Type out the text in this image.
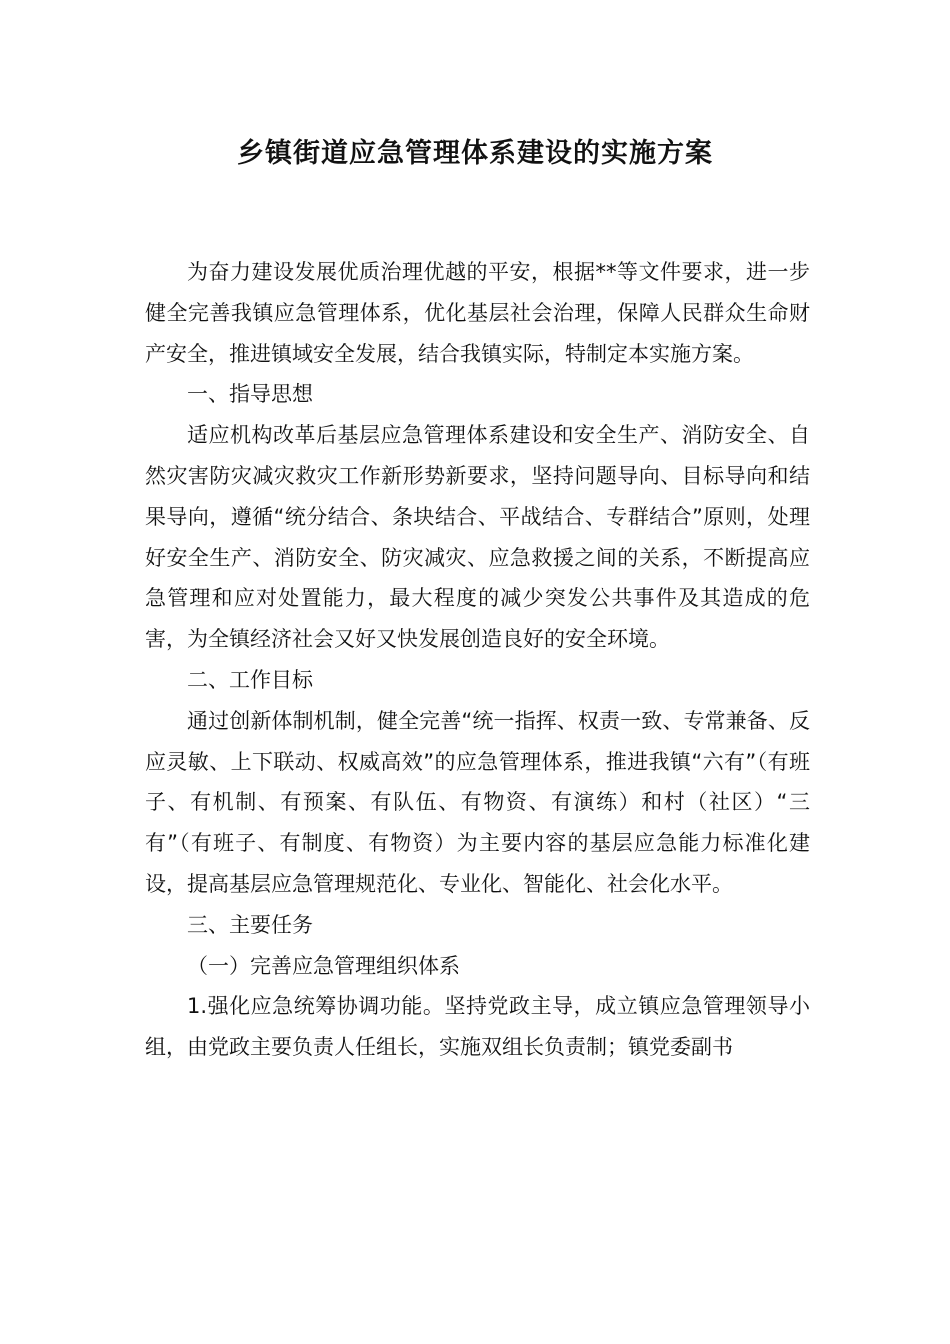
乡镇街道应急管理体系建设的实施方案

为奋力建设发展优质治理优越的平安，根据**等文件要求，进一步健全完善我镇应急管理体系，优化基层社会治理，保障人民群众生命财产安全，推进镇域安全发展，结合我镇实际，特制定本实施方案。

一、指导思想

适应机构改革后基层应急管理体系建设和安全生产、消防安全、自然灾害防灾减灾救灾工作新形势新要求，坚持问题导向、目标导向和结果导向，遵循“统分结合、条块结合、平战结合、专群结合”原则，处理好安全生产、消防安全、防灾减灾、应急救援之间的关系，不断提高应急管理和应对处置能力，最大程度的减少突发公共事件及其造成的危害，为全镇经济社会又好又快发展创造良好的安全环境。

二、工作目标

通过创新体制机制，健全完善“统一指挥、权责一致、专常兼备、反应灵敏、上下联动、权威高效”的应急管理体系，推进我镇“六有”（有班子、有机制、有预案、有队伍、有物资、有演练）和村（社区）“三有”（有班子、有制度、有物资）为主要内容的基层应急能力标准化建设，提高基层应急管理规范化、专业化、智能化、社会化水平。

三、主要任务

（一）完善应急管理组织体系

1.强化应急统筹协调功能。坚持党政主导，成立镇应急管理领导小组，由党政主要负责人任组长，实施双组长负责制；镇党委副书
